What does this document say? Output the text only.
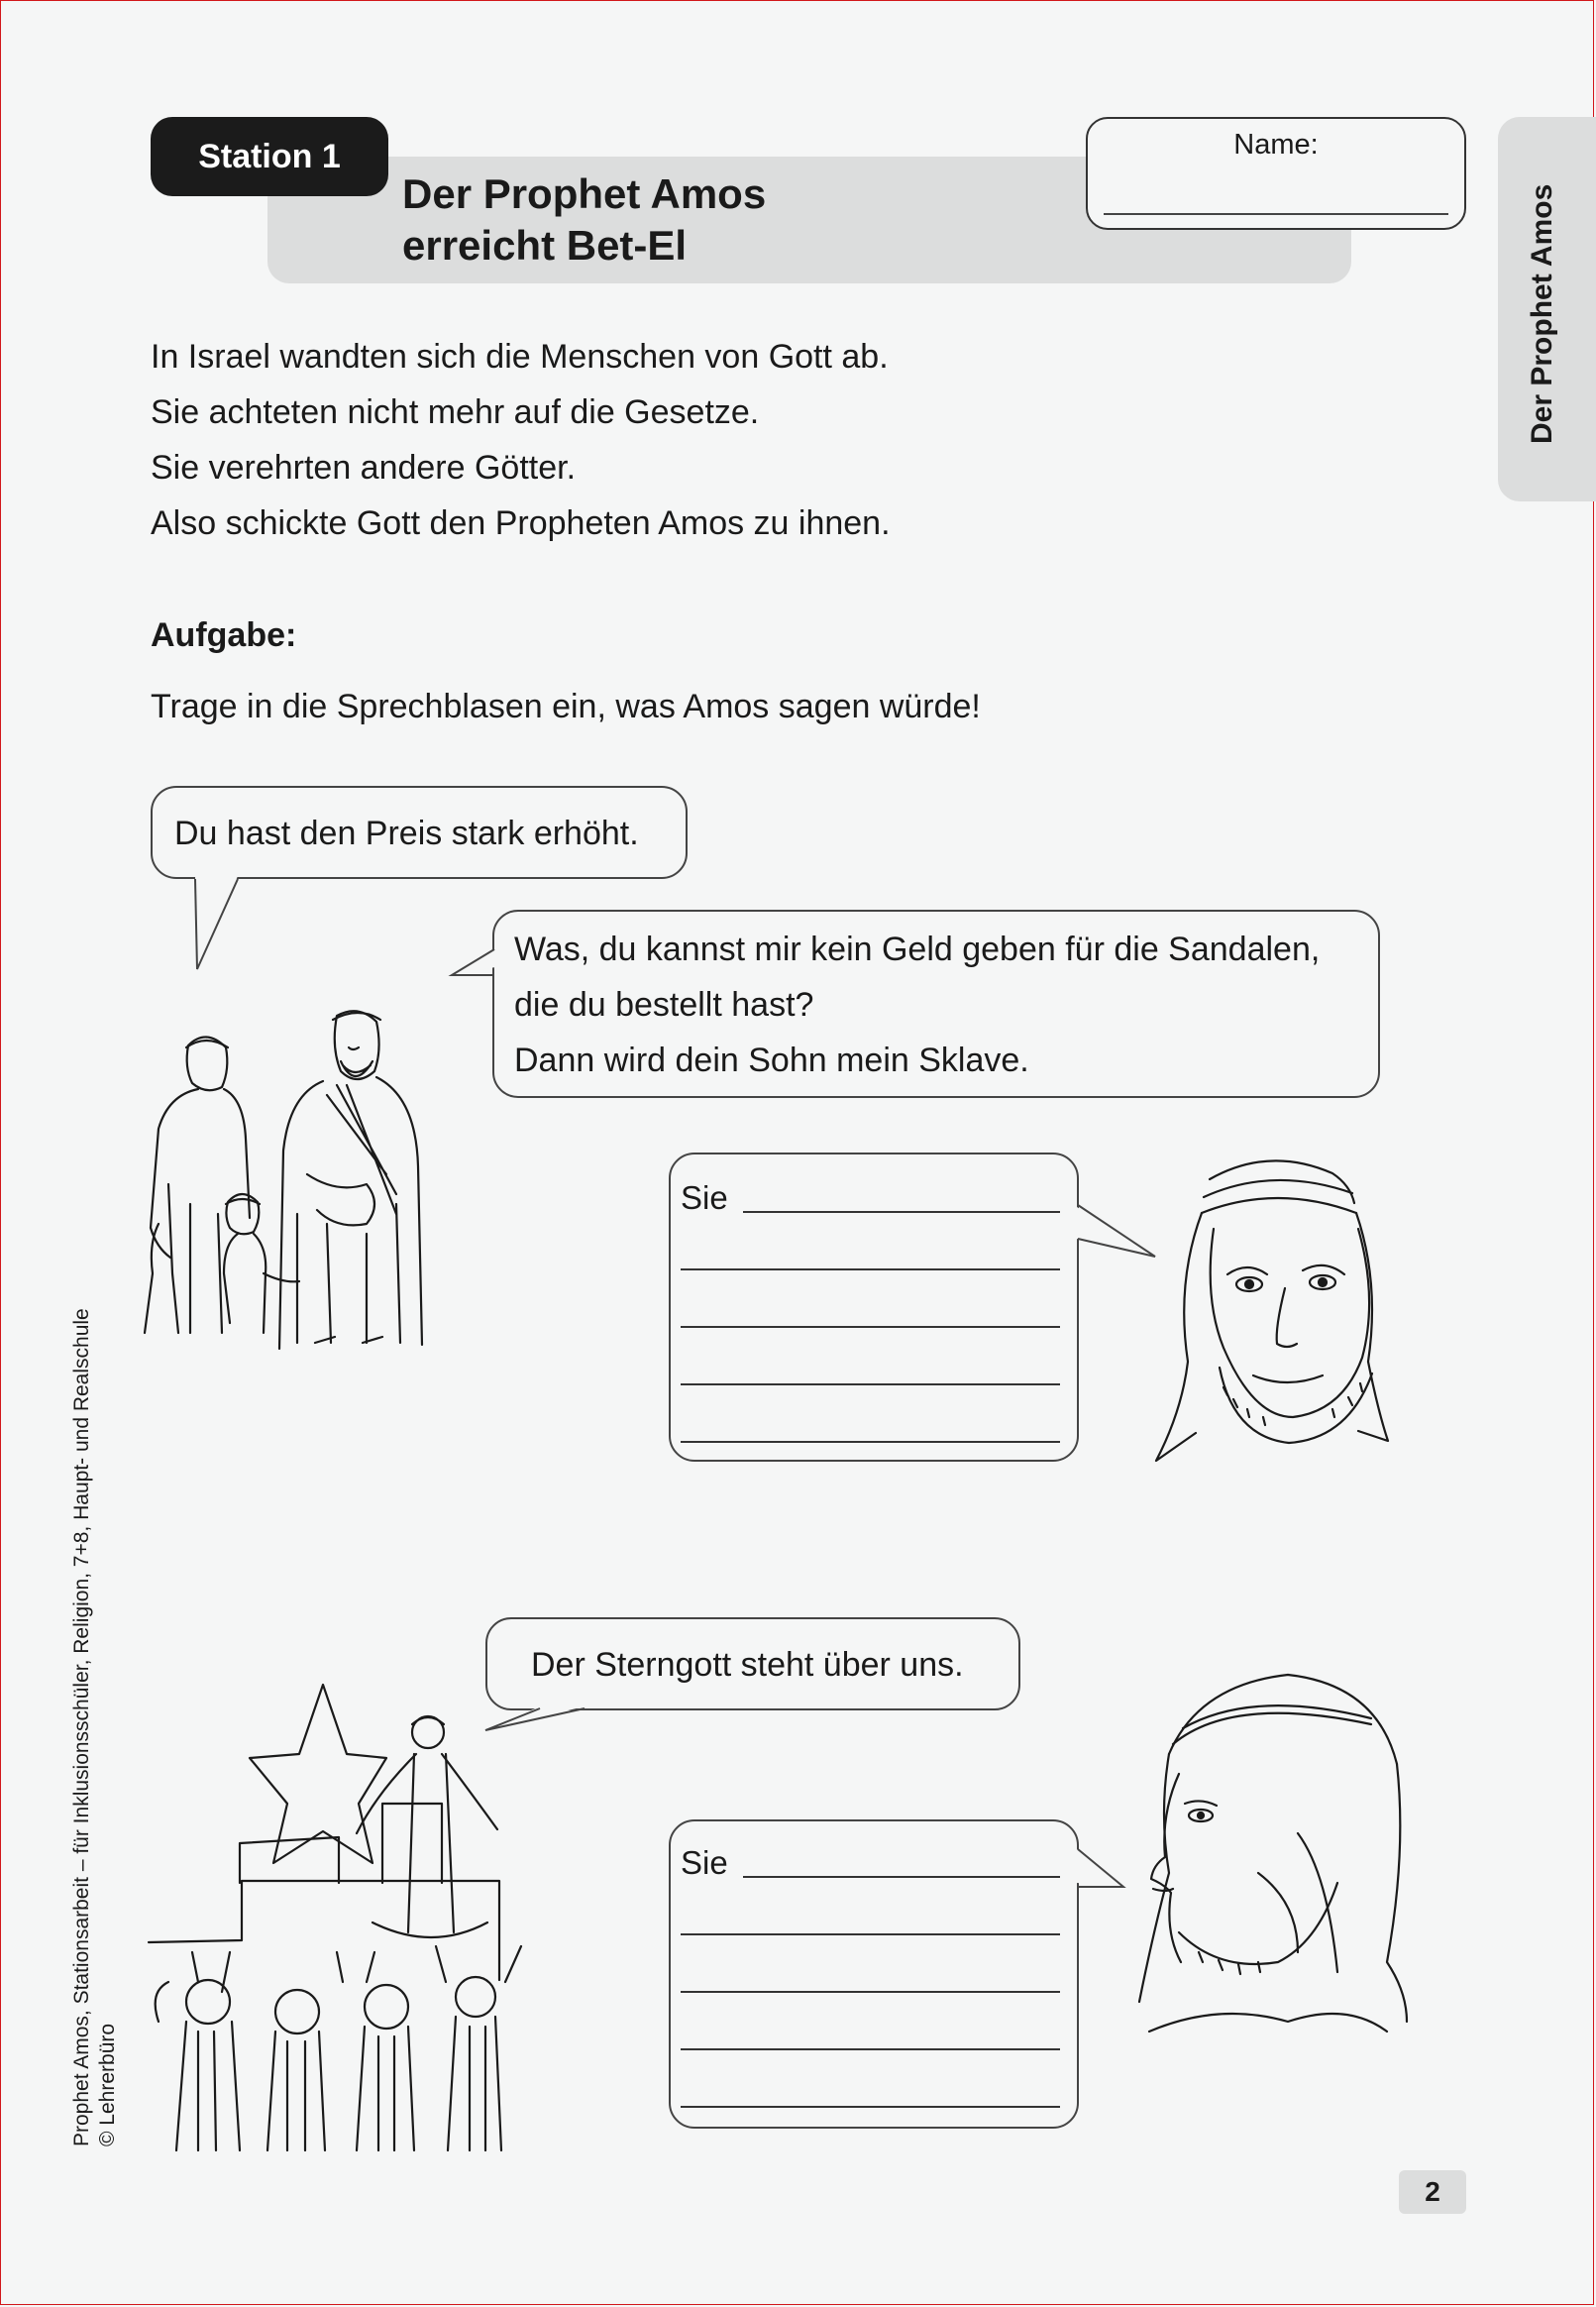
Station 1
Der Prophet Amos
erreicht Bet-El
Name:
Der Prophet Amos
In Israel wandten sich die Menschen von Gott ab.
Sie achteten nicht mehr auf die Gesetze.
Sie verehrten andere Götter.
Also schickte Gott den Propheten Amos zu ihnen.
Aufgabe:
Trage in die Sprechblasen ein, was Amos sagen würde!
Du hast den Preis stark erhöht.
Was, du kannst mir kein Geld geben für die Sandalen,
die du bestellt hast?
Dann wird dein Sohn mein Sklave.
Sie
Der Sterngott steht über uns.
Sie
Prophet Amos, Stationsarbeit – für Inklusionsschüler, Religion, 7+8, Haupt- und Realschule © Lehrerbüro
2
